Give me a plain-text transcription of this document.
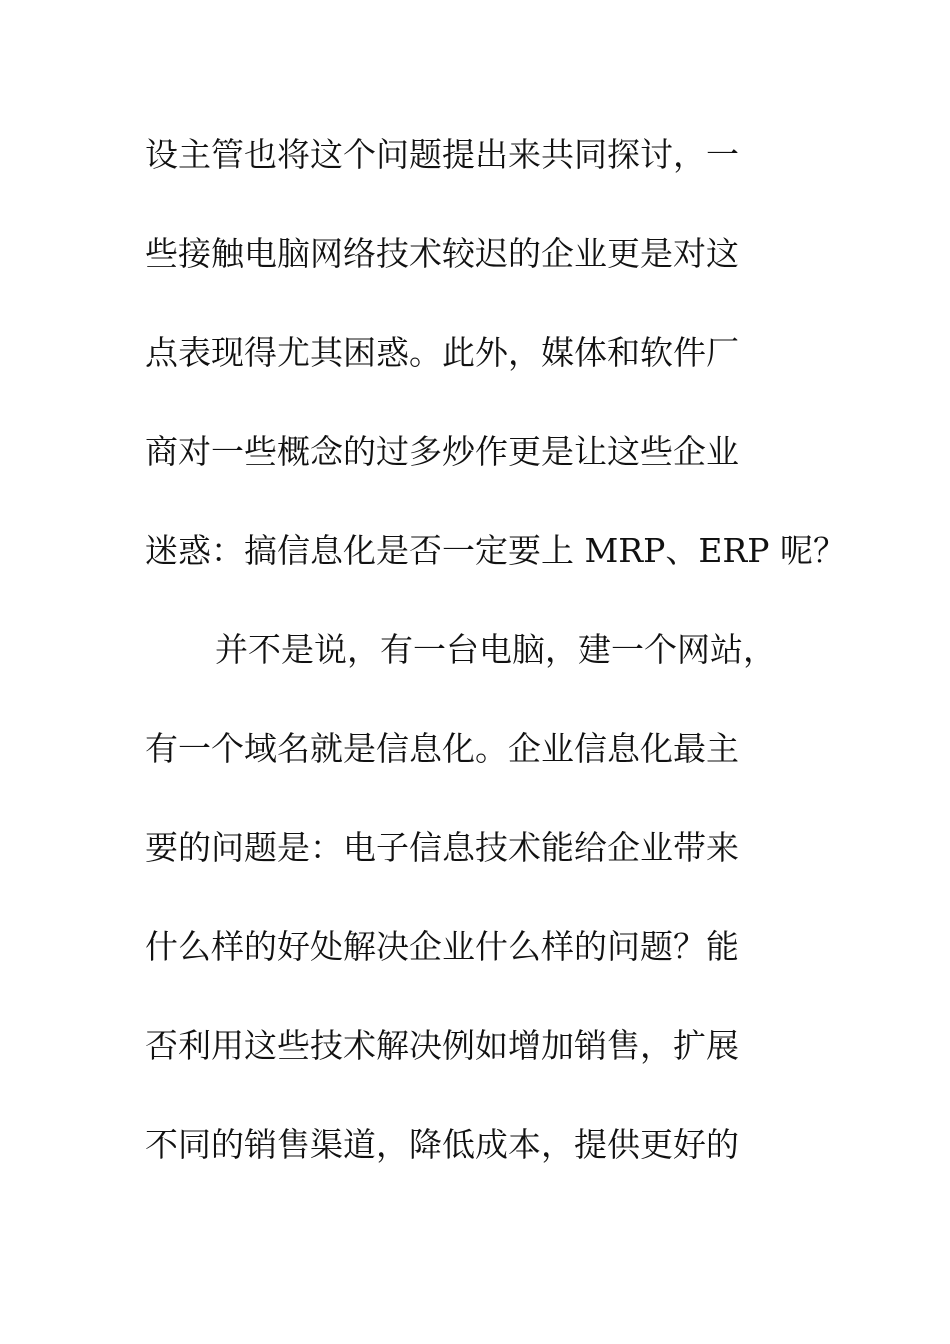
设主管也将这个问题提出来共同探讨，一
些接触电脑网络技术较迟的企业更是对这
点表现得尤其困惑。此外，媒体和软件厂
商对一些概念的过多炒作更是让这些企业
迷惑：搞信息化是否一定要上 MRP、ERP 呢？
并不是说，有一台电脑，建一个网站，
有一个域名就是信息化。企业信息化最主
要的问题是：电子信息技术能给企业带来
什么样的好处解决企业什么样的问题？能
否利用这些技术解决例如增加销售，扩展
不同的销售渠道，降低成本，提供更好的
